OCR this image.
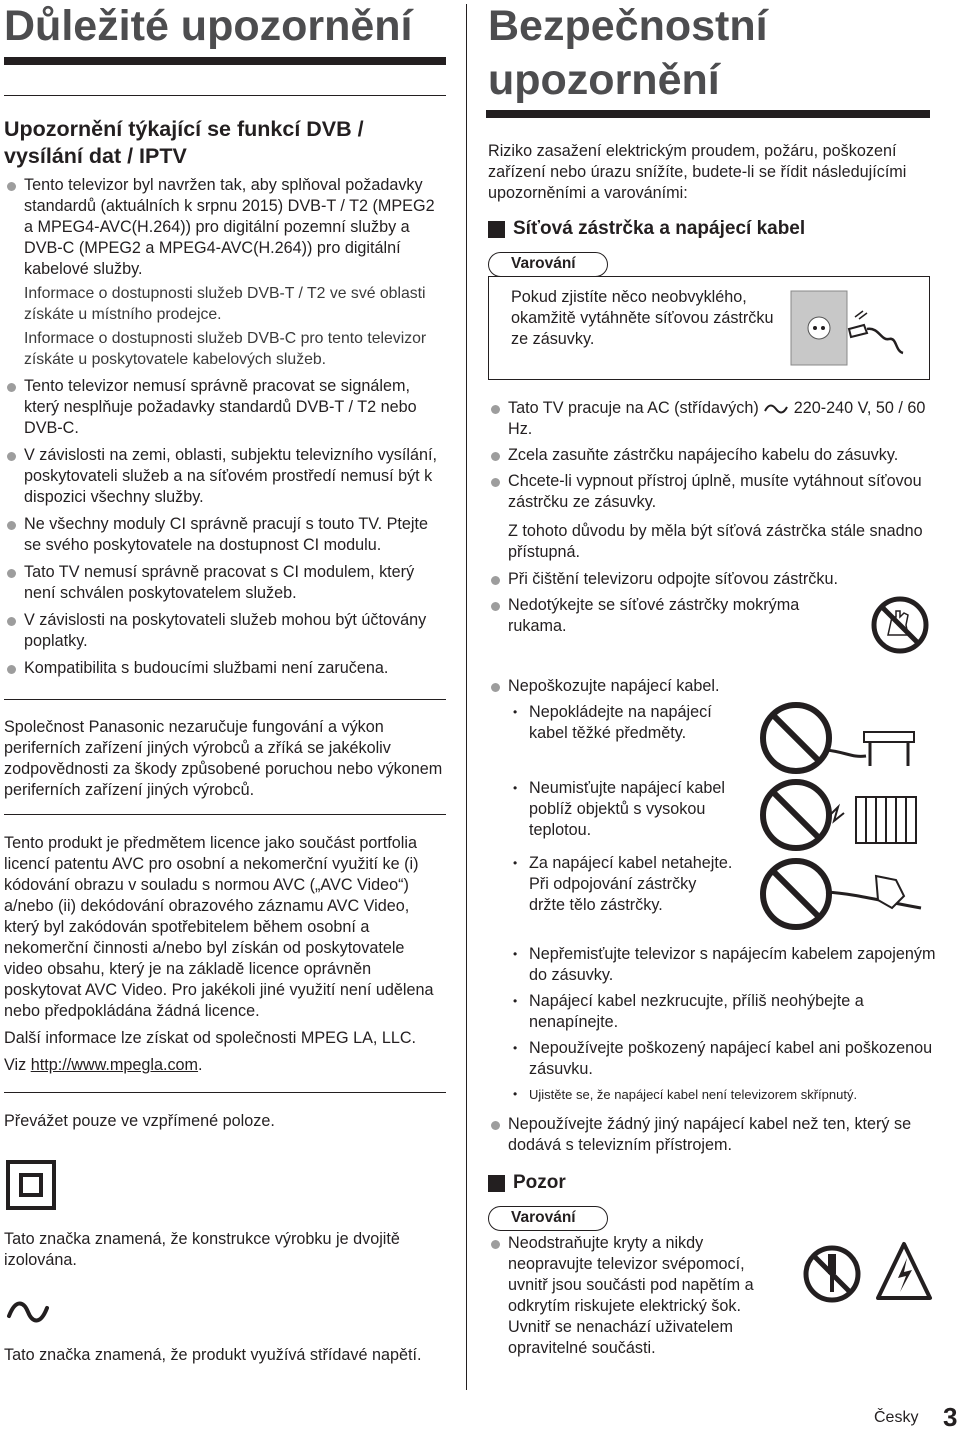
Důležité upozornění
Upozornění týkající se funkcí DVB / vysílání dat / IPTV

Tento televizor byl navržen tak, aby splňoval požadavky standardů (aktuálních k srpnu 2015) DVB-T / T2 (MPEG2 a MPEG4-AVC(H.264)) pro digitální pozemní služby a DVB-C (MPEG2 a MPEG4-AVC(H.264)) pro digitální kabelové služby.

Informace o dostupnosti služeb DVB-T / T2 ve své oblasti získáte u místního prodejce.

Informace o dostupnosti služeb DVB-C pro tento televizor získáte u poskytovatele kabelových služeb.

Tento televizor nemusí správně pracovat se signálem, který nesplňuje požadavky standardů DVB-T / T2 nebo DVB-C.
V závislosti na zemi, oblasti, subjektu televizního vysílání, poskytovateli služeb a na síťovém prostředí nemusí být k dispozici všechny služby.
Ne všechny moduly CI správně pracují s touto TV. Ptejte se svého poskytovatele na dostupnost CI modulu.
Tato TV nemusí správně pracovat s CI modulem, který není schválen poskytovatelem služeb.
V závislosti na poskytovateli služeb mohou být účtovány poplatky.
Kompatibilita s budoucími službami není zaručena.

Společnost Panasonic nezaručuje fungování a výkon periferních zařízení jiných výrobců a zříká se jakékoliv zodpovědnosti za škody způsobené poruchou nebo výkonem periferních zařízení jiných výrobců.

Tento produkt je předmětem licence jako součást portfolia licencí patentu AVC pro osobní a nekomerční využití ke (i) kódování obrazu v souladu s normou AVC („AVC Video“) a/nebo (ii) dekódování obrazového záznamu AVC Video, který byl zakódován spotřebitelem během osobní a nekomerční činnosti a/nebo byl získán od poskytovatele video obsahu, který je na základě licence oprávněn poskytovat AVC Video. Pro jakékoli jiné využití není udělena nebo předpokládána žádná licence.

Další informace lze získat od společnosti MPEG LA, LLC.

Viz http://www.mpegla.com.

Převážet pouze ve vzpřímené poloze.

Tato značka znamená, že konstrukce výrobku je dvojitě izolována.

Tato značka znamená, že produkt využívá střídavé napětí.

Bezpečnostní
upozornění

Riziko zasažení elektrickým proudem, požáru, poškození zařízení nebo úrazu snížíte, budete-li se řídit následujícími upozorněními a varováními:

Síťová zástrčka a napájecí kabel
Varování

Pokud zjistíte něco neobvyklého, okamžitě vytáhněte síťovou zástrčku ze zásuvky.

Tato TV pracuje na AC (střídavých) 220-240 V, 50 / 60 Hz.
Zcela zasuňte zástrčku napájecího kabelu do zásuvky.
Chcete-li vypnout přístroj úplně, musíte vytáhnout síťovou zástrčku ze zásuvky.

Z tohoto důvodu by měla být síťová zástrčka stále snadno přístupná.

Při čištění televizoru odpojte síťovou zástrčku.
Nedotýkejte se síťové zástrčky mokrýma rukama.
Nepoškozujte napájecí kabel.
• Nepokládejte na napájecí kabel těžké předměty.
• Neumisťujte napájecí kabel poblíž objektů s vysokou teplotou.
• Za napájecí kabel netahejte. Při odpojování zástrčky držte tělo zástrčky.
• Nepřemisťujte televizor s napájecím kabelem zapojeným do zásuvky.
• Napájecí kabel nezkrucujte, příliš neohýbejte a nenapínejte.
• Nepoužívejte poškozený napájecí kabel ani poškozenou zásuvku.
• Ujistěte se, že napájecí kabel není televizorem skřípnutý.
Nepoužívejte žádný jiný napájecí kabel než ten, který se dodává s televizním přístrojem.
Pozor
Varování
Neodstraňujte kryty a nikdy neopravujte televizor svépomocí, uvnitř jsou součásti pod napětím a odkrytím riskujete elektrický šok. Uvnitř se nenachází uživatelem opravitelné součásti.
Česky 3
